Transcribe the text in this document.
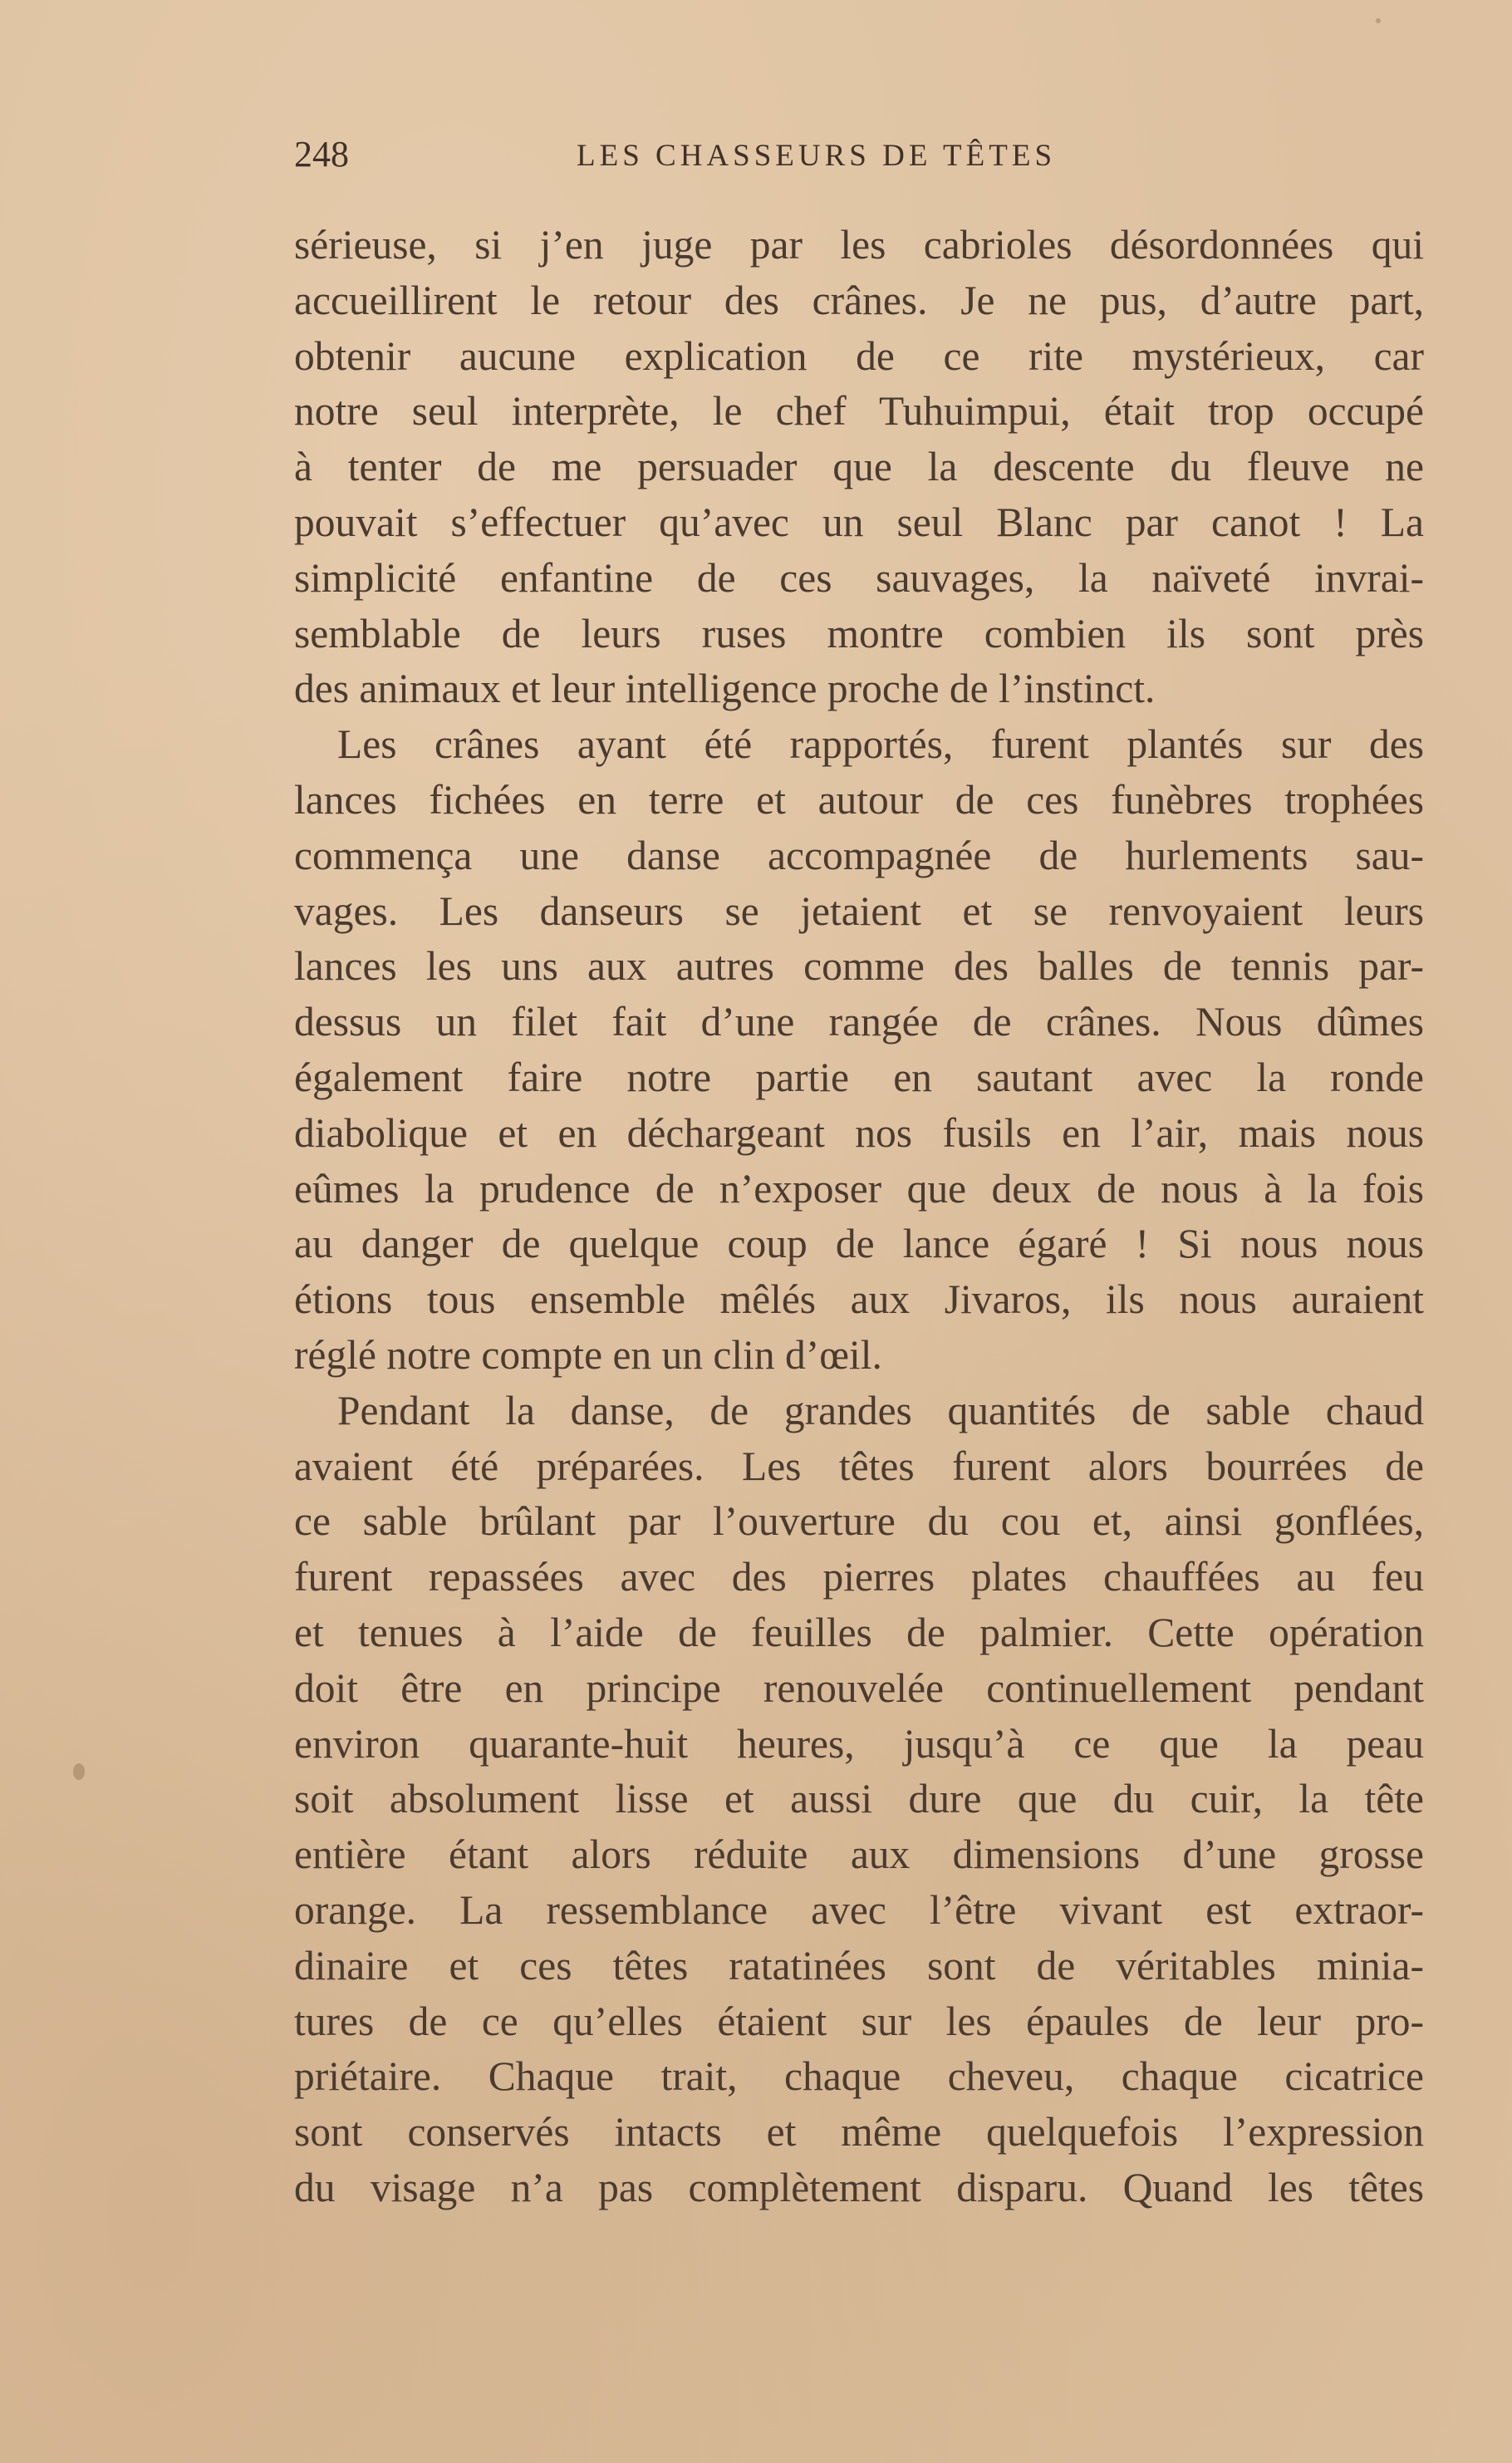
248	LES CHASSEURS DE TÊTES

sérieuse, si j’en juge par les cabrioles désordonnées qui
accueillirent le retour des crânes. Je ne pus, d’autre part,
obtenir aucune explication de ce rite mystérieux, car
notre seul interprète, le chef Tuhuimpui, était trop occupé
à tenter de me persuader que la descente du fleuve ne
pouvait s’effectuer qu’avec un seul Blanc par canot ! La
simplicité enfantine de ces sauvages, la naïveté invrai-
semblable de leurs ruses montre combien ils sont près
des animaux et leur intelligence proche de l’instinct.

Les crânes ayant été rapportés, furent plantés sur des
lances fichées en terre et autour de ces funèbres trophées
commença une danse accompagnée de hurlements sau-
vages. Les danseurs se jetaient et se renvoyaient leurs
lances les uns aux autres comme des balles de tennis par-
dessus un filet fait d’une rangée de crânes. Nous dûmes
également faire notre partie en sautant avec la ronde
diabolique et en déchargeant nos fusils en l’air, mais nous
eûmes la prudence de n’exposer que deux de nous à la fois
au danger de quelque coup de lance égaré ! Si nous nous
étions tous ensemble mêlés aux Jivaros, ils nous auraient
réglé notre compte en un clin d’œil.

Pendant la danse, de grandes quantités de sable chaud
avaient été préparées. Les têtes furent alors bourrées de
ce sable brûlant par l’ouverture du cou et, ainsi gonflées,
furent repassées avec des pierres plates chauffées au feu
et tenues à l’aide de feuilles de palmier. Cette opération
doit être en principe renouvelée continuellement pendant
environ quarante-huit heures, jusqu’à ce que la peau
soit absolument lisse et aussi dure que du cuir, la tête
entière étant alors réduite aux dimensions d’une grosse
orange. La ressemblance avec l’être vivant est extraor-
dinaire et ces têtes ratatinées sont de véritables minia-
tures de ce qu’elles étaient sur les épaules de leur pro-
priétaire. Chaque trait, chaque cheveu, chaque cicatrice
sont conservés intacts et même quelquefois l’expression
du visage n’a pas complètement disparu. Quand les têtes
